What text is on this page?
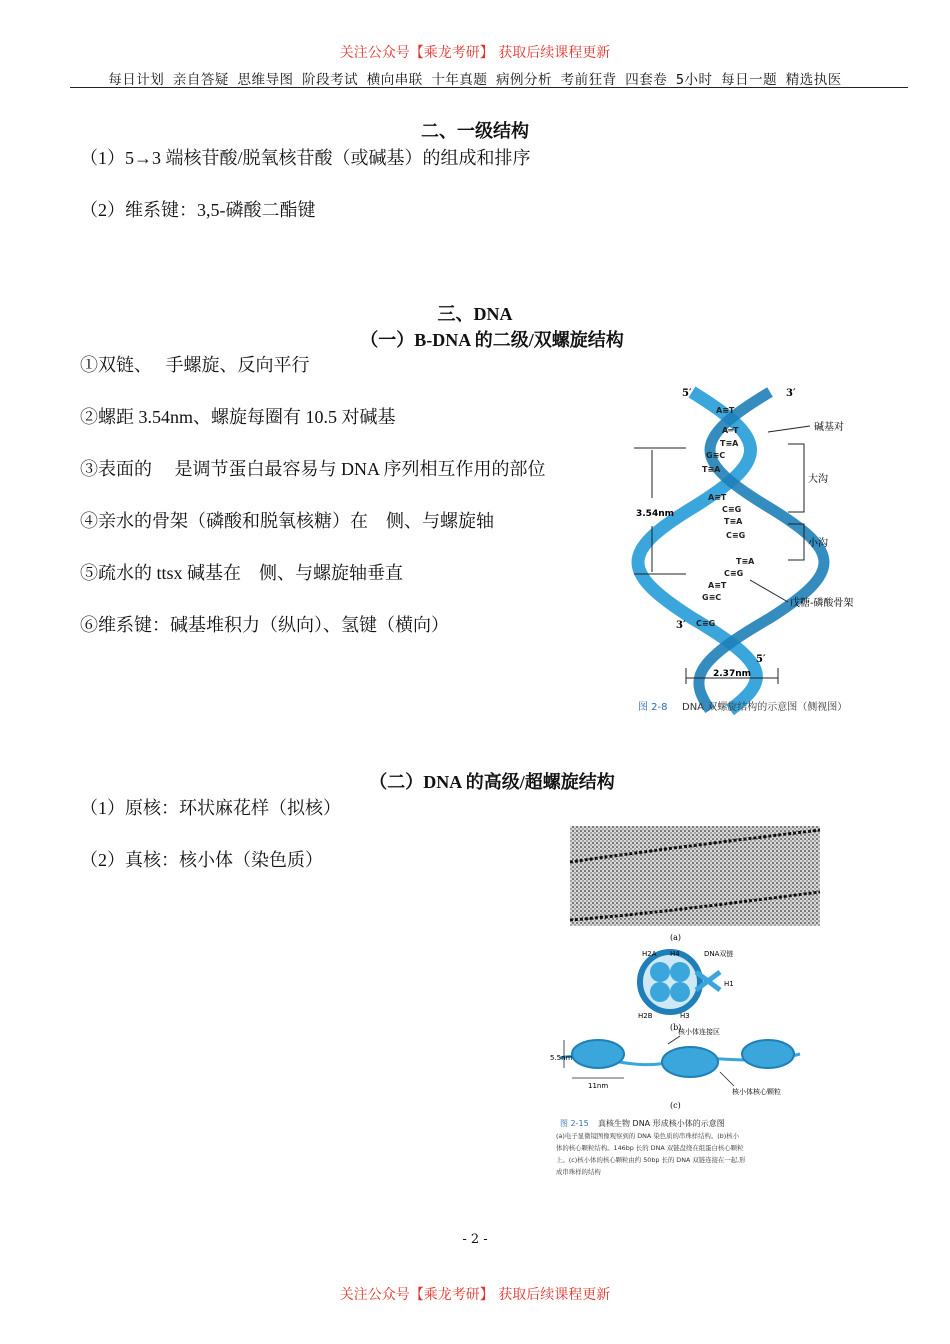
关注公众号【乘龙考研】 获取后续课程更新
每日计划 亲自答疑 思维导图 阶段考试 横向串联 十年真题 病例分析 考前狂背 四套卷 5小时 每日一题 精选执医
二、一级结构
（1）5→3 端核苷酸/脱氧核苷酸（或碱基）的组成和排序
（2）维系键：3,5-磷酸二酯键
三、DNA
（一）B-DNA 的二级/双螺旋结构
①双链、　 手螺旋、反向平行
②螺距 3.54nm、螺旋每圈有 10.5 对碱基
③表面的　 是调节蛋白最容易与 DNA 序列相互作用的部位
④亲水的骨架（磷酸和脱氧核糖）在　侧、与螺旋轴
⑤疏水的 ttsx 碱基在　侧、与螺旋轴垂直
⑥维系键：碱基堆积力（纵向）、氢键（横向）
5′	3′
3′
5′
A≡T
A═T
T≡A
G≡C
T≡A
A≡T
C≡G
T≡A
C≡G
T≡A
C≡G
A≡T
G≡C
C≡G
3.54nm
2.37nm
碱基对
大沟
小沟
戊糖-磷酸骨架
图 2-8 DNA 双螺旋结构的示意图（侧视图）
（二）DNA 的高级/超螺旋结构
（1）原核：环状麻花样（拟核）
（2）真核：核小体（染色质）
(a)
H2A H4	DNA双链
H1
H2B	H3
(b)
5.5nm
11nm
核小体连接区
核小体核心颗粒
(c)
图 2-15 真核生物 DNA 形成核小体的示意图
(a)电子显微镜图像观察到的 DNA 染色质的串珠样结构。(b)核小
体的核心颗粒结构。146bp 长的 DNA 双链盘绕在组蛋白核心颗粒
上。(c)核小体的核心颗粒由约 50bp 长的 DNA 双链连接在一起,形
成串珠样的结构
- 2 -
关注公众号【乘龙考研】 获取后续课程更新
